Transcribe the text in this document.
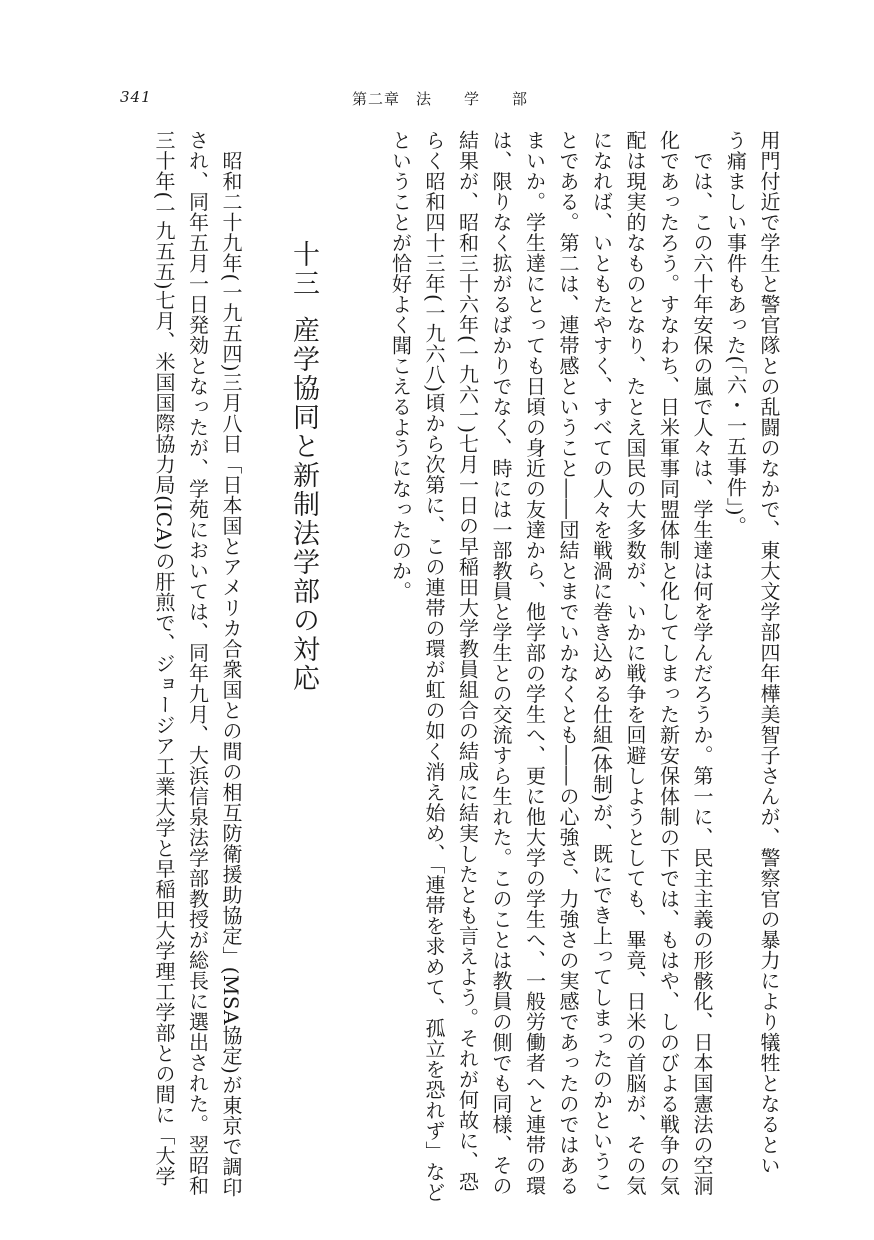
341	第二章　法　　学　　部
用門付近で学生と警官隊との乱闘のなかで、東大文学部四年樺美智子さんが、警察官の暴力により犠牲となるとい
う痛ましい事件もあった(「六・一五事件」)。
　では、この六十年安保の嵐で人々は、学生達は何を学んだろうか。第一に、民主主義の形骸化、日本国憲法の空洞
化であったろう。すなわち、日米軍事同盟体制と化してしまった新安保体制の下では、もはや、しのびよる戦争の気
配は現実的なものとなり、たとえ国民の大多数が、いかに戦争を回避しようとしても、畢竟、日米の首脳が、その気
になれば、いともたやすく、すべての人々を戦渦に巻き込める仕組(体制)が、既にでき上ってしまったのかというこ
とである。第二は、連帯感ということ――団結とまでいかなくとも――の心強さ、力強さの実感であったのではある
まいか。学生達にとっても日頃の身近の友達から、他学部の学生へ、更に他大学の学生へ、一般労働者へと連帯の環
は、限りなく拡がるばかりでなく、時には一部教員と学生との交流すら生れた。このことは教員の側でも同様、その
結果が、昭和三十六年(一九六一)七月一日の早稲田大学教員組合の結成に結実したとも言えよう。それが何故に、恐
らく昭和四十三年(一九六八)頃から次第に、この連帯の環が虹の如く消え始め、「連帯を求めて、孤立を恐れず」など
ということが恰好よく聞こえるようになったのか。
十三産学協同と新制法学部の対応
　昭和二十九年(一九五四)三月八日「日本国とアメリカ合衆国との間の相互防衛援助協定」(MSA協定)が東京で調印
され、同年五月一日発効となったが、学苑においては、同年九月、大浜信泉法学部教授が総長に選出された。翌昭和
三十年(一九五五)七月、米国国際協力局(ICA)の肝煎で、ジョージア工業大学と早稲田大学理工学部との間に「大学
